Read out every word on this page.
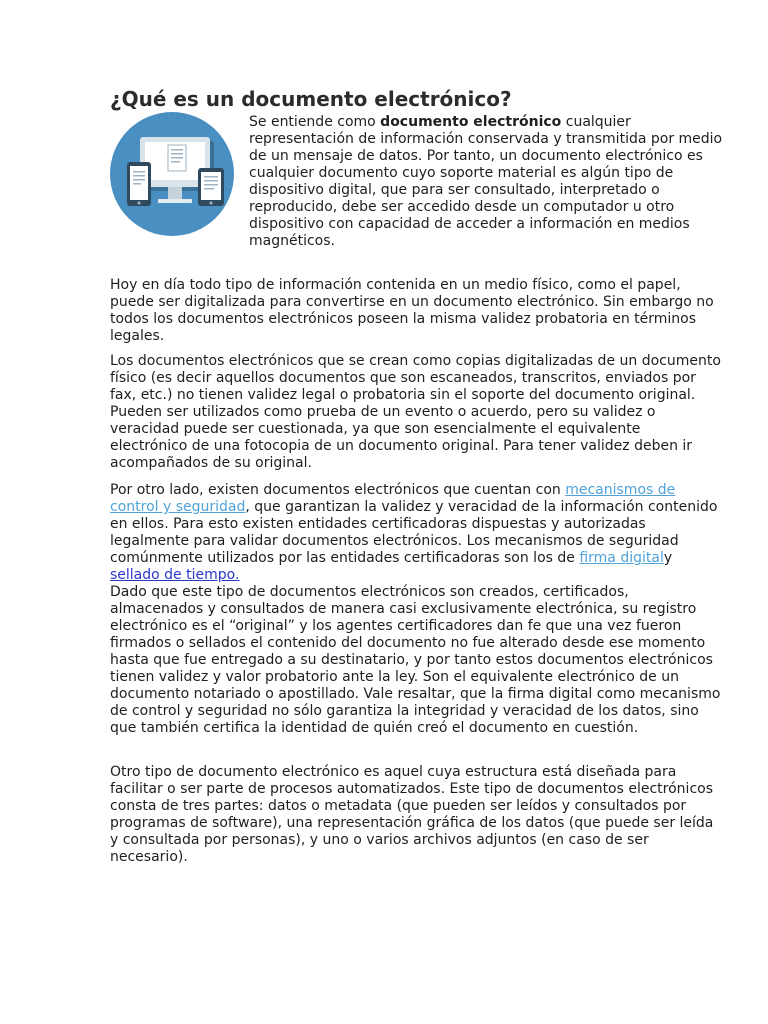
¿Qué es un documento electrónico?

Se entiende como documento electrónico cualquier representación de información conservada y transmitida por medio de un mensaje de datos. Por tanto, un documento electrónico es cualquier documento cuyo soporte material es algún tipo de dispositivo digital, que para ser consultado, interpretado o reproducido, debe ser accedido desde un computador u otro dispositivo con capacidad de acceder a información en medios magnéticos.

Hoy en día todo tipo de información contenida en un medio físico, como el papel, puede ser digitalizada para convertirse en un documento electrónico. Sin embargo no todos los documentos electrónicos poseen la misma validez probatoria en términos legales.

Los documentos electrónicos que se crean como copias digitalizadas de un documento físico (es decir aquellos documentos que son escaneados, transcritos, enviados por fax, etc.) no tienen validez legal o probatoria sin el soporte del documento original. Pueden ser utilizados como prueba de un evento o acuerdo, pero su validez o veracidad puede ser cuestionada, ya que son esencialmente el equivalente electrónico de una fotocopia de un documento original. Para tener validez deben ir acompañados de su original.

Por otro lado, existen documentos electrónicos que cuentan con mecanismos de control y seguridad, que garantizan la validez y veracidad de la información contenido en ellos. Para esto existen entidades certificadoras dispuestas y autorizadas legalmente para validar documentos electrónicos. Los mecanismos de seguridad comúnmente utilizados por las entidades certificadoras son los de firma digitaly sellado de tiempo.
Dado que este tipo de documentos electrónicos son creados, certificados, almacenados y consultados de manera casi exclusivamente electrónica, su registro electrónico es el “original” y los agentes certificadores dan fe que una vez fueron firmados o sellados el contenido del documento no fue alterado desde ese momento hasta que fue entregado a su destinatario, y por tanto estos documentos electrónicos tienen validez y valor probatorio ante la ley. Son el equivalente electrónico de un documento notariado o apostillado. Vale resaltar, que la firma digital como mecanismo de control y seguridad no sólo garantiza la integridad y veracidad de los datos, sino que también certifica la identidad de quién creó el documento en cuestión.

Otro tipo de documento electrónico es aquel cuya estructura está diseñada para facilitar o ser parte de procesos automatizados. Este tipo de documentos electrónicos consta de tres partes: datos o metadata (que pueden ser leídos y consultados por programas de software), una representación gráfica de los datos (que puede ser leída y consultada por personas), y uno o varios archivos adjuntos (en caso de ser necesario).
